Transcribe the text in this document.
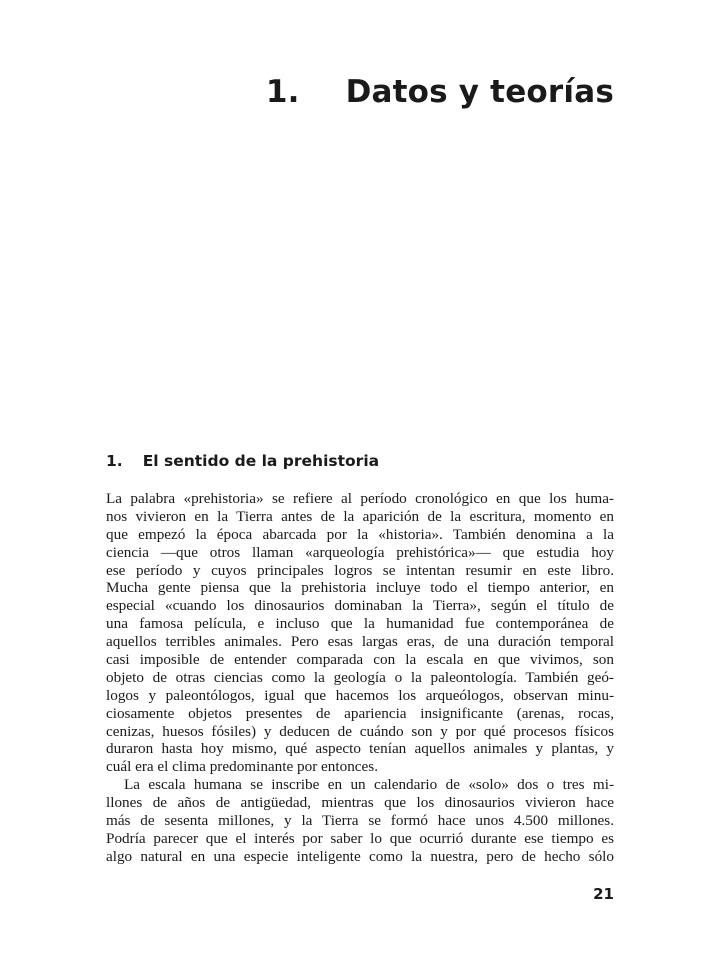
1. Datos y teorías
1. El sentido de la prehistoria

La palabra «prehistoria» se refiere al período cronológico en que los huma-
nos vivieron en la Tierra antes de la aparición de la escritura, momento en
que empezó la época abarcada por la «historia». También denomina a la
ciencia —que otros llaman «arqueología prehistórica»— que estudia hoy
ese período y cuyos principales logros se intentan resumir en este libro.
Mucha gente piensa que la prehistoria incluye todo el tiempo anterior, en
especial «cuando los dinosaurios dominaban la Tierra», según el título de
una famosa película, e incluso que la humanidad fue contemporánea de
aquellos terribles animales. Pero esas largas eras, de una duración temporal
casi imposible de entender comparada con la escala en que vivimos, son
objeto de otras ciencias como la geología o la paleontología. También geó-
logos y paleontólogos, igual que hacemos los arqueólogos, observan minu-
ciosamente objetos presentes de apariencia insignificante (arenas, rocas,
cenizas, huesos fósiles) y deducen de cuándo son y por qué procesos físicos
duraron hasta hoy mismo, qué aspecto tenían aquellos animales y plantas, y
cuál era el clima predominante por entonces.

La escala humana se inscribe en un calendario de «solo» dos o tres mi-
llones de años de antigüedad, mientras que los dinosaurios vivieron hace
más de sesenta millones, y la Tierra se formó hace unos 4.500 millones.
Podría parecer que el interés por saber lo que ocurrió durante ese tiempo es
algo natural en una especie inteligente como la nuestra, pero de hecho sólo

21
